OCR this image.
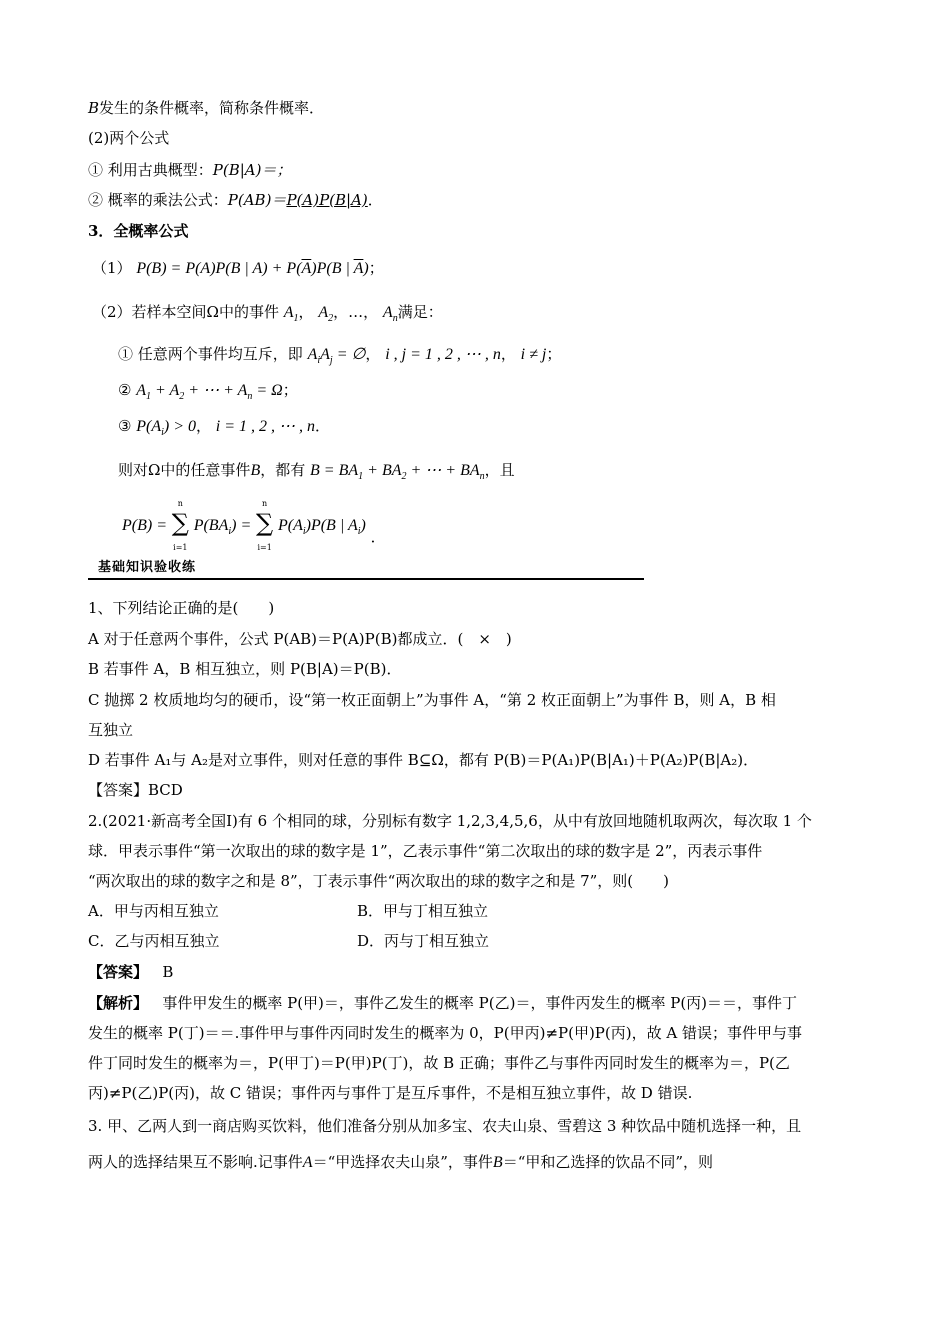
B发生的条件概率，简称条件概率．
(2)两个公式
① 利用古典概型：P(B|A)＝；
② 概率的乘法公式：P(AB)＝P(A)P(B|A)．
3．全概率公式
（1） P(B) = P(A)P(B | $A) + P(\overline{A})P(B$ | $\overline{A}$)；
（2）若样本空间Ω中的事件 $A_1$， $A_2$，…， $A_n$满足：
① 任意两个事件均互斥，即 $A_iA_j$ = ∅， i , j = 1 , 2 , ⋯ , n， i ≠ j；
② $A_1 + A_2$ + ⋯ + $A_n = \Omega$；
③ $P(A_i) > 0$， i = 1 , 2 , ⋯ , n．
则对Ω中的任意事件B，都有 $B = BA_1 + BA_2$ + ⋯ + $BA_n$，且
P(B) =
n
∑
i=1
$P(BA_i)$ =
n
∑
i=1
$P(A_i)P(B$ | $A_i$) ．
基础知识验收练
1、下列结论正确的是(　　)
A 对于任意两个事件，公式 P(AB)＝P(A)P(B)都成立．(　×　)
B 若事件 A，B 相互独立，则 P(B|A)＝P(B)．
C 抛掷 2 枚质地均匀的硬币，设“第一枚正面朝上”为事件 A，“第 2 枚正面朝上”为事件 B，则 A，B 相
互独立
D 若事件 A₁与 A₂是对立事件，则对任意的事件 B⊆Ω，都有 P(B)＝P(A₁)P(B|A₁)＋P(A₂)P(B|A₂)．
【答案】BCD
2.(2021·新高考全国Ⅰ)有 6 个相同的球，分别标有数字 1,2,3,4,5,6，从中有放回地随机取两次，每次取 1 个
球．甲表示事件“第一次取出的球的数字是 1”，乙表示事件“第二次取出的球的数字是 2”，丙表示事件
“两次取出的球的数字之和是 8”，丁表示事件“两次取出的球的数字之和是 7”，则(　　)
A．甲与丙相互独立	B．甲与丁相互独立
C．乙与丙相互独立	D．丙与丁相互独立
【答案】 B
【解析】 事件甲发生的概率 P(甲)＝，事件乙发生的概率 P(乙)＝，事件丙发生的概率 P(丙)＝＝，事件丁
发生的概率 P(丁)＝＝.事件甲与事件丙同时发生的概率为 0，P(甲丙)≠P(甲)P(丙)，故 A 错误；事件甲与事
件丁同时发生的概率为＝，P(甲丁)＝P(甲)P(丁)，故 B 正确；事件乙与事件丙同时发生的概率为＝，P(乙
丙)≠P(乙)P(丙)，故 C 错误；事件丙与事件丁是互斥事件，不是相互独立事件，故 D 错误.
3. 甲、乙两人到一商店购买饮料，他们准备分别从加多宝、农夫山泉、雪碧这 3 种饮品中随机选择一种，且
两人的选择结果互不影响.记事件A＝“甲选择农夫山泉”，事件B＝“甲和乙选择的饮品不同”，则
